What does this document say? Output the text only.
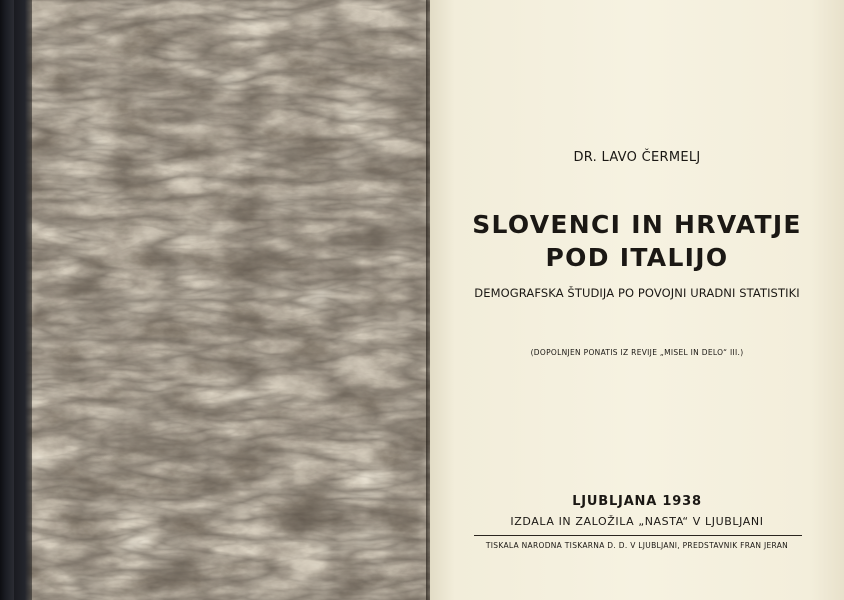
DR. LAVO ČERMELJ
SLOVENCI IN HRVATJE
POD ITALIJO
DEMOGRAFSKA ŠTUDIJA PO POVOJNI URADNI STATISTIKI
(DOPOLNJEN PONATIS IZ REVIJE „MISEL IN DELO“ III.)
LJUBLJANA 1938
IZDALA IN ZALOŽILA „NASTA“ V LJUBLJANI
TISKALA NARODNA TISKARNA D. D. V LJUBLJANI, PREDSTAVNIK FRAN JERAN
